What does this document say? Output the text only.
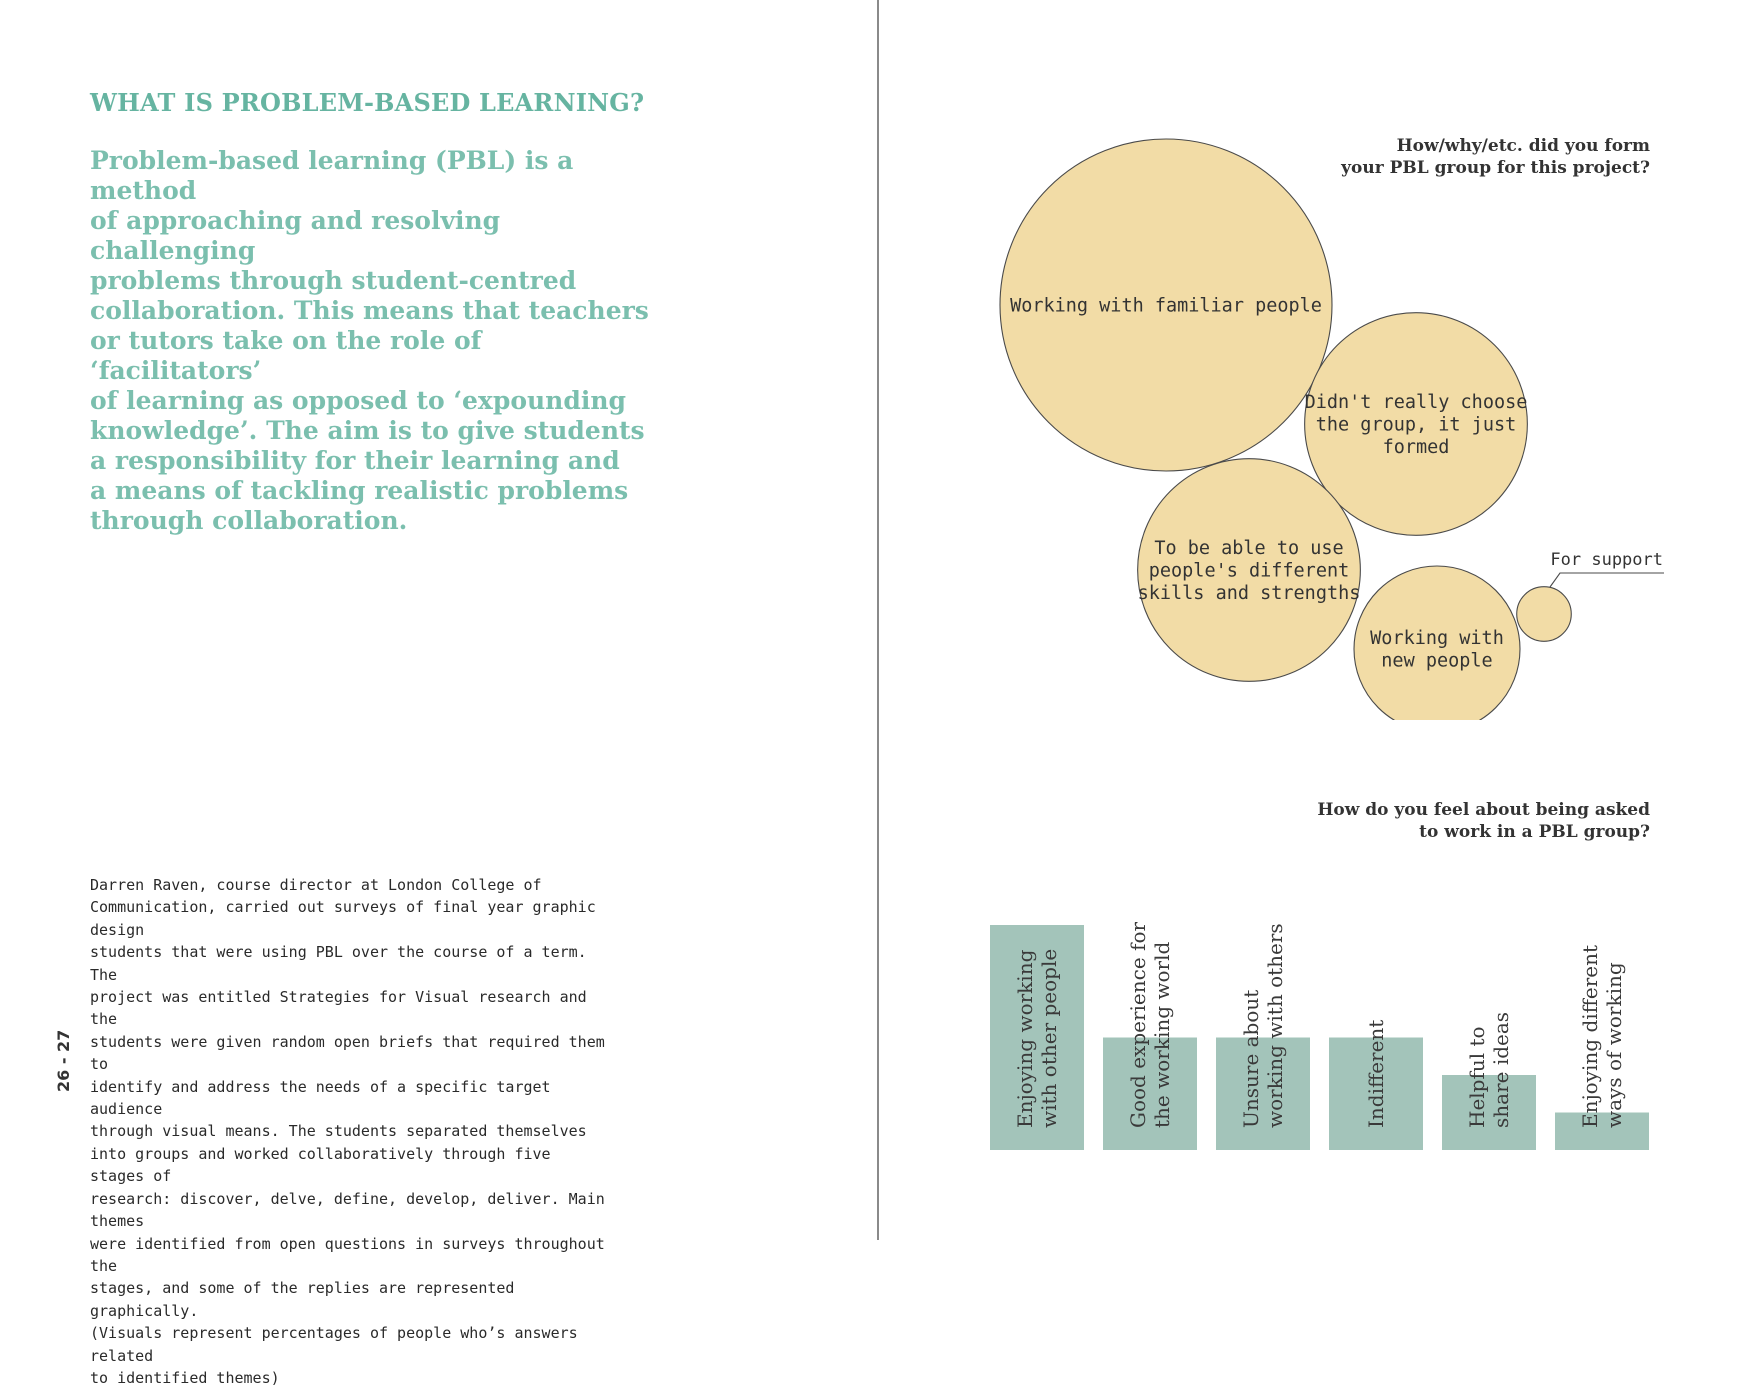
WHAT IS PROBLEM-BASED LEARNING?

Problem-based learning (PBL) is a method
of approaching and resolving challenging
problems through student-centred
collaboration. This means that teachers
or tutors take on the role of ‘facilitators’
of learning as opposed to ‘expounding
knowledge’. The aim is to give students
a responsibility for their learning and
a means of tackling realistic problems
through collaboration.

Darren Raven, course director at London College of
Communication, carried out surveys of final year graphic design
students that were using PBL over the course of a term. The
project was entitled Strategies for Visual research and the
students were given random open briefs that required them to
identify and address the needs of a specific target audience
through visual means. The students separated themselves
into groups and worked collaboratively through five stages of
research: discover, delve, define, develop, deliver. Main themes
were identified from open questions in surveys throughout the
stages, and some of the replies are represented graphically.
(Visuals represent percentages of people who’s answers related
to identified themes)

26 - 27
How/why/etc. did you form
your PBL group for this project?
Working with familiar people
Didn't really choose
the group, it just
formed
To be able to use
people's different
skills and strengths
Working with
new people
For support
How do you feel about being asked
to work in a PBL group?
Enjoying working with other people	Good experience for the working world	Unsure about working with others	Indifferent	Helpful to share ideas	Enjoying different ways of working
